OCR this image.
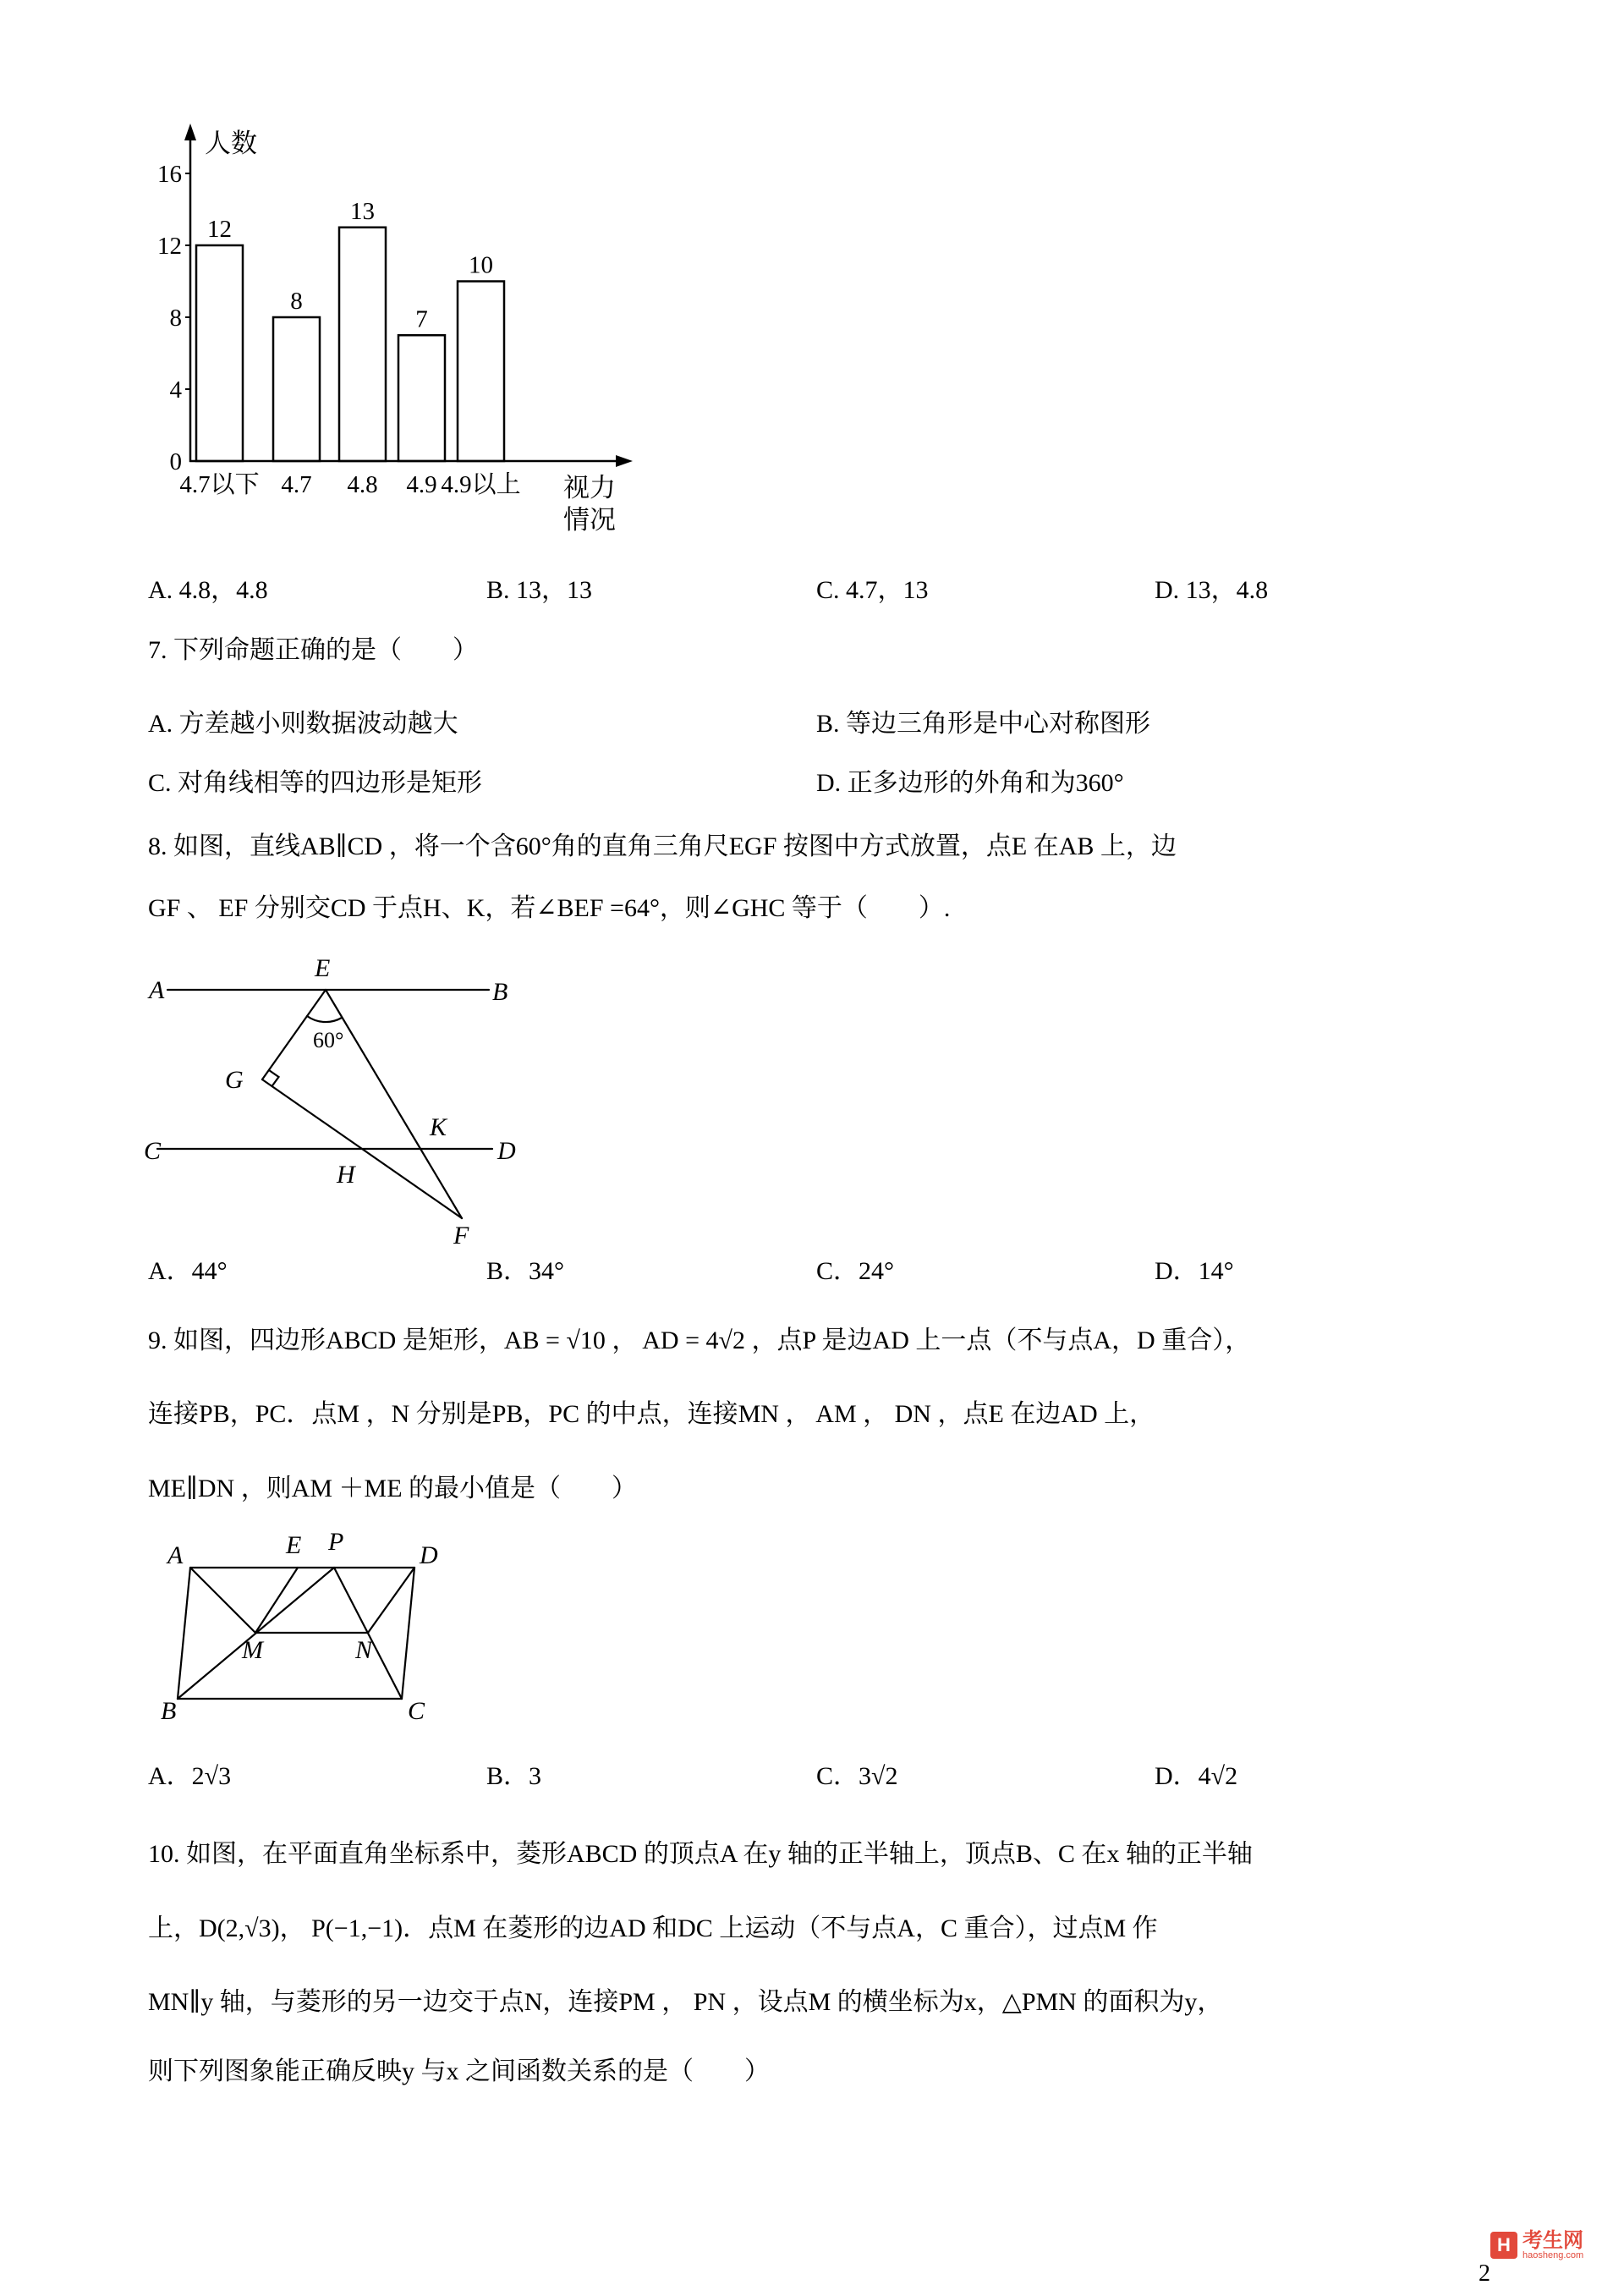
人数
0
4
8
12
16
12
4.7以下
8
4.7
13
4.8
7
4.9
10
4.9以上 视力
情况
A. 4.8，4.8	B. 13，13	C. 4.7，13	D. 13，4.8
7. 下列命题正确的是（　　）
A. 方差越小则数据波动越大	B. 等边三角形是中心对称图形
C. 对角线相等的四边形是矩形	D. 正多边形的外角和为360°
8. 如图，直线AB∥CD ，将一个含60°角的直角三角尺EGF 按图中方式放置，点E 在AB 上，边
GF 、 EF 分别交CD 于点H、K，若∠BEF =64°，则∠GHC 等于（　　）.
A	B
E
60°
G
C
H
K
D
F
A．44°	B．34°	C．24°	D．14°
9. 如图，四边形ABCD 是矩形，AB = √10 ， AD = 4√2 ，点P 是边AD 上一点（不与点A，D 重合），
连接PB，PC．点M ，N 分别是PB，PC 的中点，连接MN ， AM ， DN ，点E 在边AD 上，
ME∥DN ，则AM ＋ME 的最小值是（　　）
A	E P	D
M	N
B	C
A．2√3	B．3	C．3√2	D．4√2
10. 如图，在平面直角坐标系中，菱形ABCD 的顶点A 在y 轴的正半轴上，顶点B、C 在x 轴的正半轴
上，D(2,√3)， P(−1,−1)．点M 在菱形的边AD 和DC 上运动（不与点A，C 重合），过点M 作
MN∥y 轴，与菱形的另一边交于点N，连接PM ， PN ，设点M 的横坐标为x，△PMN 的面积为y，
则下列图象能正确反映y 与x 之间函数关系的是（　　）
H 考生网
haosheng.com
2
